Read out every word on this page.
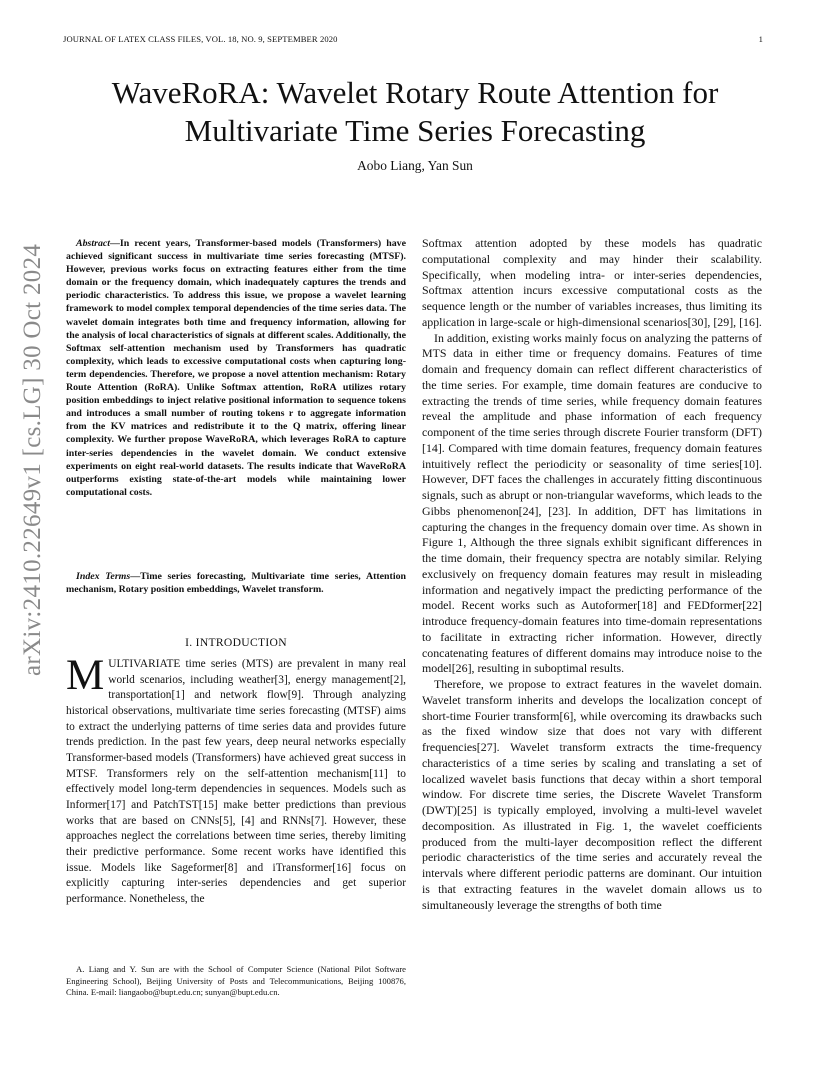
JOURNAL OF LATEX CLASS FILES, VOL. 18, NO. 9, SEPTEMBER 2020	1
arXiv:2410.22649v1 [cs.LG] 30 Oct 2024
WaveRoRA: Wavelet Rotary Route Attention for
Multivariate Time Series Forecasting
Aobo Liang, Yan Sun

Abstract—In recent years, Transformer-based models (Transformers) have achieved significant success in multivariate time series forecasting (MTSF). However, previous works focus on extracting features either from the time domain or the frequency domain, which inadequately captures the trends and periodic characteristics. To address this issue, we propose a wavelet learning framework to model complex temporal dependencies of the time series data. The wavelet domain integrates both time and frequency information, allowing for the analysis of local characteristics of signals at different scales. Additionally, the Softmax self-attention mechanism used by Transformers has quadratic complexity, which leads to excessive computational costs when capturing long-term dependencies. Therefore, we propose a novel attention mechanism: Rotary Route Attention (RoRA). Unlike Softmax attention, RoRA utilizes rotary position embeddings to inject relative positional information to sequence tokens and introduces a small number of routing tokens r to aggregate information from the KV matrices and redistribute it to the Q matrix, offering linear complexity. We further propose WaveRoRA, which leverages RoRA to capture inter-series dependencies in the wavelet domain. We conduct extensive experiments on eight real-world datasets. The results indicate that WaveRoRA outperforms existing state-of-the-art models while maintaining lower computational costs.

Index Terms—Time series forecasting, Multivariate time series, Attention mechanism, Rotary position embeddings, Wavelet transform.

I. INTRODUCTION

MULTIVARIATE time series (MTS) are prevalent in many real world scenarios, including weather[3], energy management[2], transportation[1] and network flow[9]. Through analyzing historical observations, multivariate time series forecasting (MTSF) aims to extract the underlying patterns of time series data and provides future trends prediction. In the past few years, deep neural networks especially Transformer-based models (Transformers) have achieved great success in MTSF. Transformers rely on the self-attention mechanism[11] to effectively model long-term dependencies in sequences. Models such as Informer[17] and PatchTST[15] make better predictions than previous works that are based on CNNs[5], [4] and RNNs[7]. However, these approaches neglect the correlations between time series, thereby limiting their predictive performance. Some recent works have identified this issue. Models like Sageformer[8] and iTransformer[16] focus on explicitly capturing inter-series dependencies and get superior performance. Nonetheless, the

A. Liang and Y. Sun are with the School of Computer Science (National Pilot Software Engineering School), Beijing University of Posts and Telecommunications, Beijing 100876, China. E-mail: liangaobo@bupt.edu.cn; sunyan@bupt.edu.cn.

Softmax attention adopted by these models has quadratic computational complexity and may hinder their scalability. Specifically, when modeling intra- or inter-series dependencies, Softmax attention incurs excessive computational costs as the sequence length or the number of variables increases, thus limiting its application in large-scale or high-dimensional scenarios[30], [29], [16].

In addition, existing works mainly focus on analyzing the patterns of MTS data in either time or frequency domains. Features of time domain and frequency domain can reflect different characteristics of the time series. For example, time domain features are conducive to extracting the trends of time series, while frequency domain features reveal the amplitude and phase information of each frequency component of the time series through discrete Fourier transform (DFT)[14]. Compared with time domain features, frequency domain features intuitively reflect the periodicity or seasonality of time series[10]. However, DFT faces the challenges in accurately fitting discontinuous signals, such as abrupt or non-triangular waveforms, which leads to the Gibbs phenomenon[24], [23]. In addition, DFT has limitations in capturing the changes in the frequency domain over time. As shown in Figure 1, Although the three signals exhibit significant differences in the time domain, their frequency spectra are notably similar. Relying exclusively on frequency domain features may result in misleading information and negatively impact the predicting performance of the model. Recent works such as Autoformer[18] and FEDformer[22] introduce frequency-domain features into time-domain representations to facilitate in extracting richer information. However, directly concatenating features of different domains may introduce noise to the model[26], resulting in suboptimal results.

Therefore, we propose to extract features in the wavelet domain. Wavelet transform inherits and develops the localization concept of short-time Fourier transform[6], while overcoming its drawbacks such as the fixed window size that does not vary with different frequencies[27]. Wavelet transform extracts the time-frequency characteristics of a time series by scaling and translating a set of localized wavelet basis functions that decay within a short temporal window. For discrete time series, the Discrete Wavelet Transform (DWT)[25] is typically employed, involving a multi-level wavelet decomposition. As illustrated in Fig. 1, the wavelet coefficients produced from the multi-layer decomposition reflect the different periodic characteristics of the time series and accurately reveal the intervals where different periodic patterns are dominant. Our intuition is that extracting features in the wavelet domain allows us to simultaneously leverage the strengths of both time
